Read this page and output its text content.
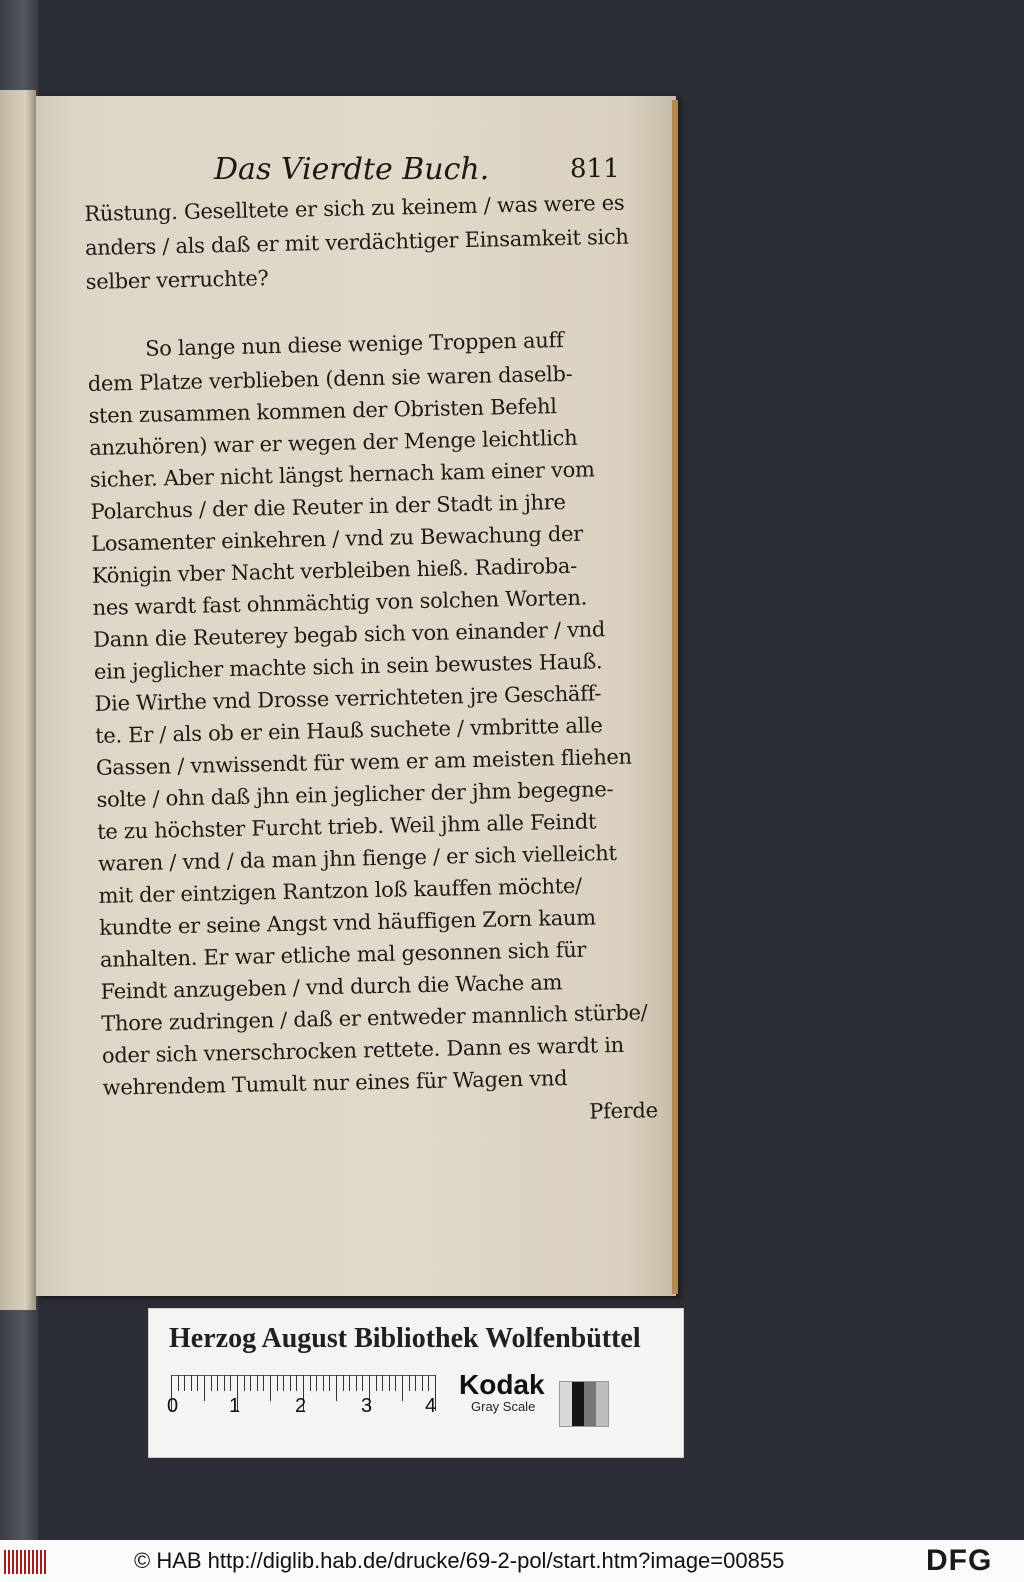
Das Vierdte Buch.	811
Rüstung. Geselltete er sich zu keinem / was were es
anders / als daß er mit verdächtiger Einsamkeit sich
selber verruchte?
So lange nun diese wenige Troppen auff
dem Platze verblieben (denn sie waren daselb-
sten zusammen kommen der Obristen Befehl
anzuhören) war er wegen der Menge leichtlich
sicher. Aber nicht längst hernach kam einer vom
Polarchus / der die Reuter in der Stadt in jhre
Losamenter einkehren / vnd zu Bewachung der
Königin vber Nacht verbleiben hieß. Radiroba-
nes wardt fast ohnmächtig von solchen Worten.
Dann die Reuterey begab sich von einander / vnd
ein jeglicher machte sich in sein bewustes Hauß.
Die Wirthe vnd Drosse verrichteten jre Geschäff-
te. Er / als ob er ein Hauß suchete / vmbritte alle
Gassen / vnwissendt für wem er am meisten fliehen
solte / ohn daß jhn ein jeglicher der jhm begegne-
te zu höchster Furcht trieb. Weil jhm alle Feindt
waren / vnd / da man jhn fienge / er sich vielleicht
mit der eintzigen Rantzon loß kauffen möchte/
kundte er seine Angst vnd häuffigen Zorn kaum
anhalten. Er war etliche mal gesonnen sich für
Feindt anzugeben / vnd durch die Wache am
Thore zudringen / daß er entweder mannlich stürbe/
oder sich vnerschrocken rettete. Dann es wardt in
wehrendem Tumult nur eines für Wagen vnd
Pferde
Herzog August Bibliothek Wolfenbüttel
0	1	2	3	4
Kodak
Gray Scale
© HAB http://diglib.hab.de/drucke/69-2-pol/start.htm?image=00855	DFG
